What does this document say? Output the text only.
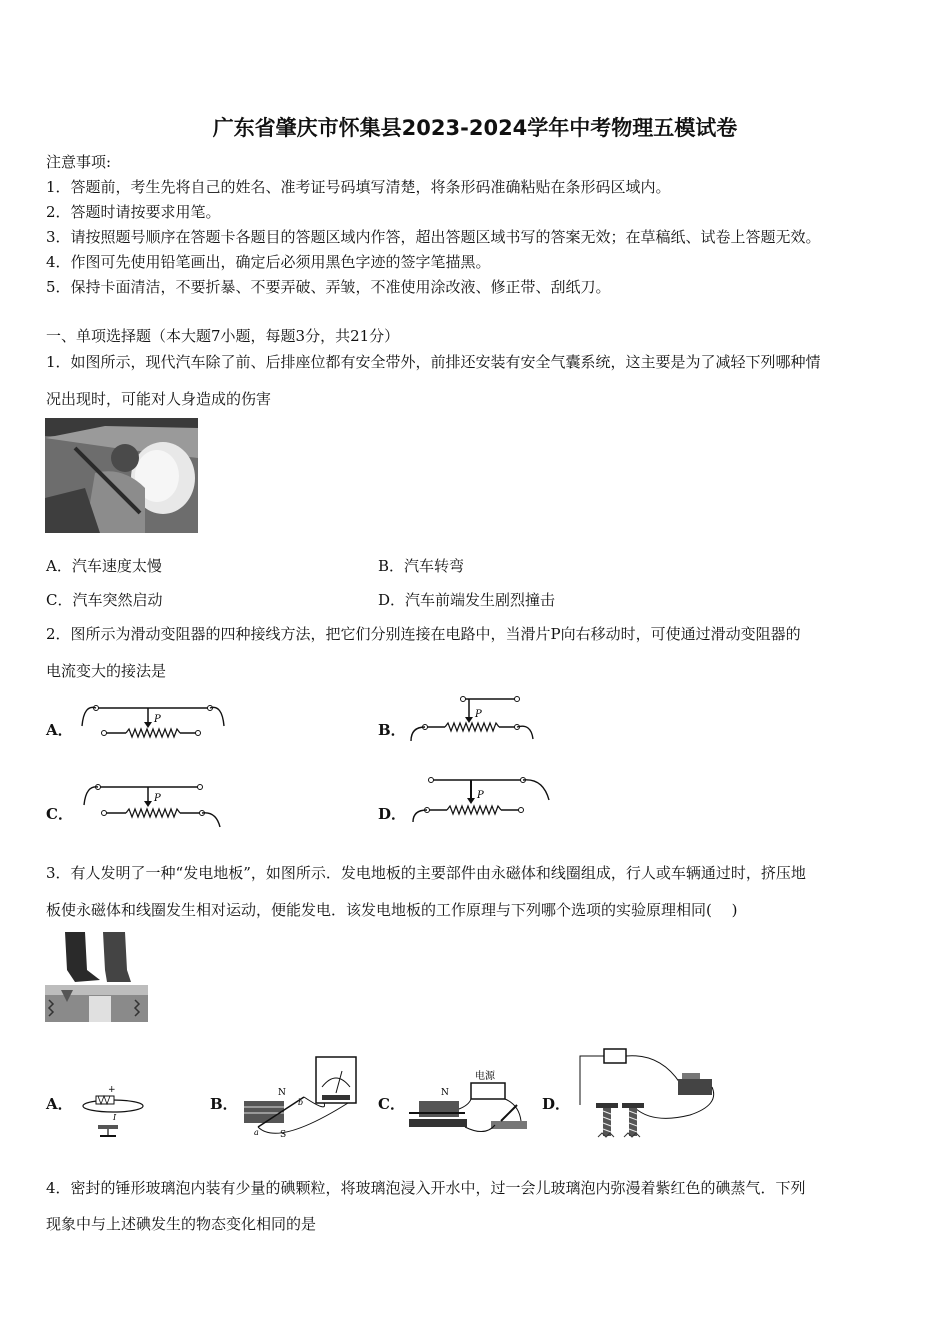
广东省肇庆市怀集县2023-2024学年中考物理五模试卷
注意事项:
1．答题前，考生先将自己的姓名、准考证号码填写清楚，将条形码准确粘贴在条形码区域内。
2．答题时请按要求用笔。
3．请按照题号顺序在答题卡各题目的答题区域内作答，超出答题区域书写的答案无效；在草稿纸、试卷上答题无效。
4．作图可先使用铅笔画出，确定后必须用黑色字迹的签字笔描黑。
5．保持卡面清洁，不要折暴、不要弄破、弄皱，不准使用涂改液、修正带、刮纸刀。
一、单项选择题（本大题7小题，每题3分，共21分）
1．如图所示，现代汽车除了前、后排座位都有安全带外，前排还安装有安全气囊系统，这主要是为了减轻下列哪种情
况出现时，可能对人身造成的伤害
A．汽车速度太慢	B．汽车转弯
C．汽车突然启动	D．汽车前端发生剧烈撞击
2．图所示为滑动变阻器的四种接线方法，把它们分别连接在电路中，当滑片P向右移动时，可使通过滑动变阻器的
电流变大的接法是
A．
P
B．
P
C．
P
D．
P
3．有人发明了一种“发电地板”，如图所示．发电地板的主要部件由永磁体和线圈组成，行人或车辆通过时，挤压地
板使永磁体和线圈发生相对运动，便能发电．该发电地板的工作原理与下列哪个选项的实验原理相同(　 )
A．
+
I
B．
N
S
b
a
C．
电源
N
D．
4．密封的锤形玻璃泡内装有少量的碘颗粒，将玻璃泡浸入开水中，过一会儿玻璃泡内弥漫着紫红色的碘蒸气．下列
现象中与上述碘发生的物态变化相同的是
